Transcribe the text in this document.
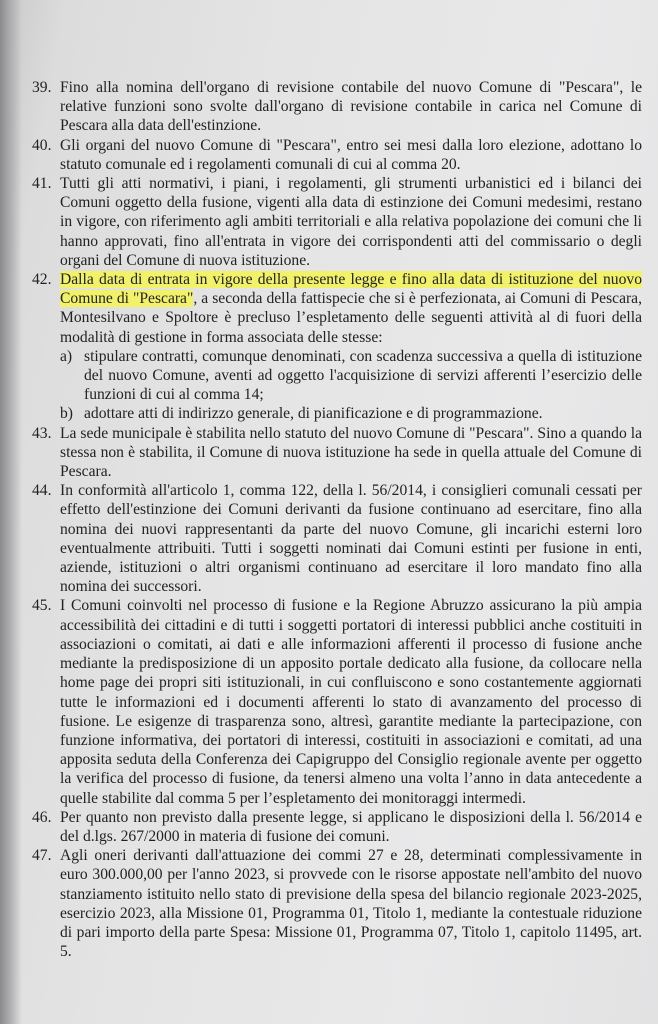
39. Fino alla nomina dell'organo di revisione contabile del nuovo Comune di "Pescara", le relative funzioni sono svolte dall'organo di revisione contabile in carica nel Comune di Pescara alla data dell'estinzione.
40. Gli organi del nuovo Comune di "Pescara", entro sei mesi dalla loro elezione, adottano lo statuto comunale ed i regolamenti comunali di cui al comma 20.
41. Tutti gli atti normativi, i piani, i regolamenti, gli strumenti urbanistici ed i bilanci dei Comuni oggetto della fusione, vigenti alla data di estinzione dei Comuni medesimi, restano in vigore, con riferimento agli ambiti territoriali e alla relativa popolazione dei comuni che li hanno approvati, fino all'entrata in vigore dei corrispondenti atti del commissario o degli organi del Comune di nuova istituzione.
42. Dalla data di entrata in vigore della presente legge e fino alla data di istituzione del nuovo Comune di "Pescara", a seconda della fattispecie che si è perfezionata, ai Comuni di Pescara, Montesilvano e Spoltore è precluso l’espletamento delle seguenti attività al di fuori della modalità di gestione in forma associata delle stesse:
a) stipulare contratti, comunque denominati, con scadenza successiva a quella di istituzione del nuovo Comune, aventi ad oggetto l'acquisizione di servizi afferenti l’esercizio delle funzioni di cui al comma 14;
b) adottare atti di indirizzo generale, di pianificazione e di programmazione.
43. La sede municipale è stabilita nello statuto del nuovo Comune di "Pescara". Sino a quando la stessa non è stabilita, il Comune di nuova istituzione ha sede in quella attuale del Comune di Pescara.
44. In conformità all'articolo 1, comma 122, della l. 56/2014, i consiglieri comunali cessati per effetto dell'estinzione dei Comuni derivanti da fusione continuano ad esercitare, fino alla nomina dei nuovi rappresentanti da parte del nuovo Comune, gli incarichi esterni loro eventualmente attribuiti. Tutti i soggetti nominati dai Comuni estinti per fusione in enti, aziende, istituzioni o altri organismi continuano ad esercitare il loro mandato fino alla nomina dei successori.
45. I Comuni coinvolti nel processo di fusione e la Regione Abruzzo assicurano la più ampia accessibilità dei cittadini e di tutti i soggetti portatori di interessi pubblici anche costituiti in associazioni o comitati, ai dati e alle informazioni afferenti il processo di fusione anche mediante la predisposizione di un apposito portale dedicato alla fusione, da collocare nella home page dei propri siti istituzionali, in cui confluiscono e sono costantemente aggiornati tutte le informazioni ed i documenti afferenti lo stato di avanzamento del processo di fusione. Le esigenze di trasparenza sono, altresì, garantite mediante la partecipazione, con funzione informativa, dei portatori di interessi, costituiti in associazioni e comitati, ad una apposita seduta della Conferenza dei Capigruppo del Consiglio regionale avente per oggetto la verifica del processo di fusione, da tenersi almeno una volta l’anno in data antecedente a quelle stabilite dal comma 5 per l’espletamento dei monitoraggi intermedi.
46. Per quanto non previsto dalla presente legge, si applicano le disposizioni della l. 56/2014 e del d.lgs. 267/2000 in materia di fusione dei comuni.
47. Agli oneri derivanti dall'attuazione dei commi 27 e 28, determinati complessivamente in euro 300.000,00 per l'anno 2023, si provvede con le risorse appostate nell'ambito del nuovo stanziamento istituito nello stato di previsione della spesa del bilancio regionale 2023-2025, esercizio 2023, alla Missione 01, Programma 01, Titolo 1, mediante la contestuale riduzione di pari importo della parte Spesa: Missione 01, Programma 07, Titolo 1, capitolo 11495, art. 5.
